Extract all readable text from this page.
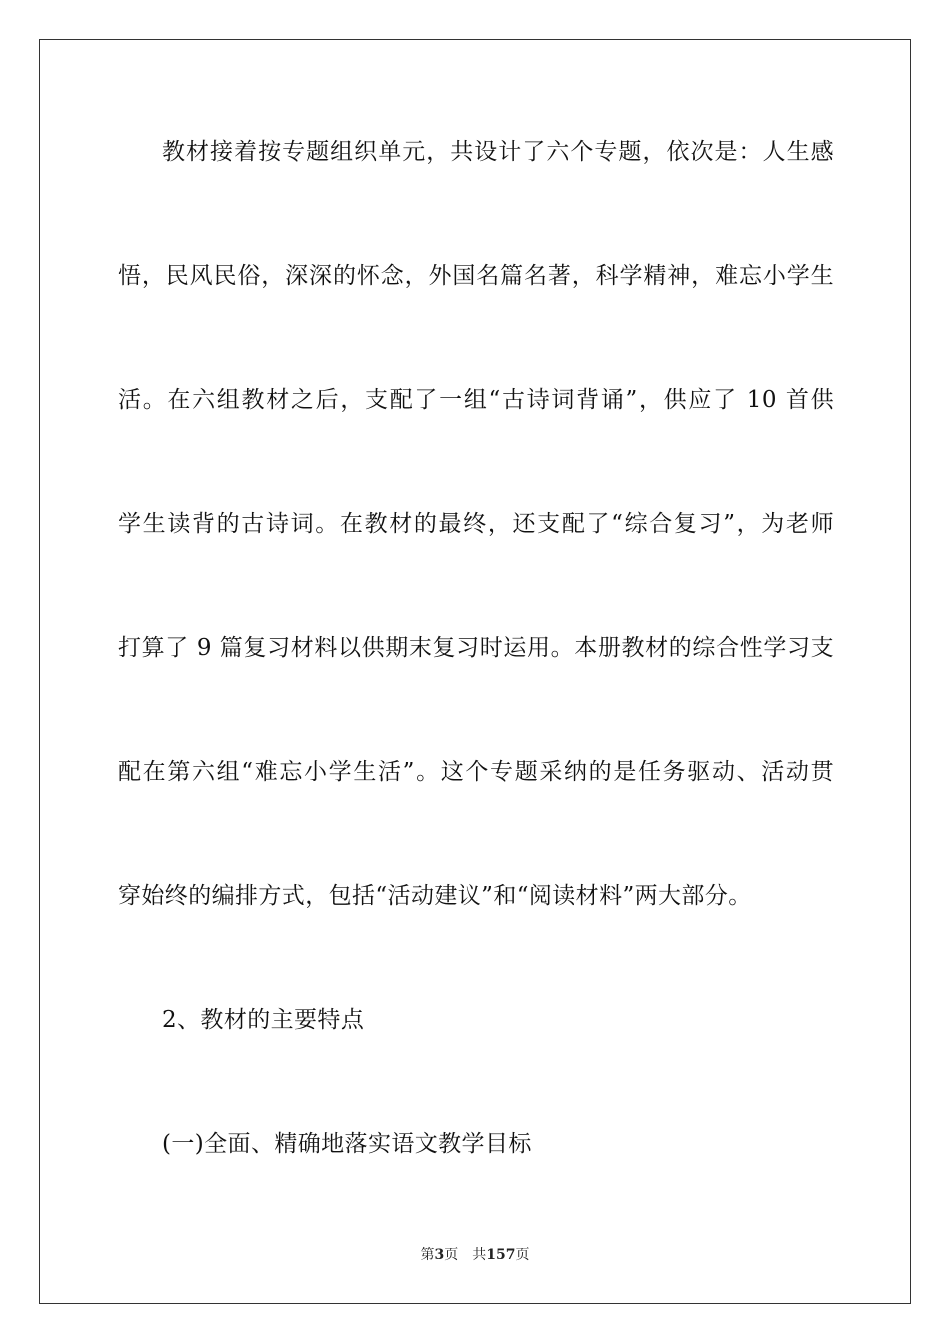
教材接着按专题组织单元，共设计了六个专题，依次是：人生感
悟，民风民俗，深深的怀念，外国名篇名著，科学精神，难忘小学生
活。在六组教材之后，支配了一组“古诗词背诵”，供应了 10 首供
学生读背的古诗词。在教材的最终，还支配了“综合复习”，为老师
打算了 9 篇复习材料以供期末复习时运用。本册教材的综合性学习支
配在第六组“难忘小学生活”。这个专题采纳的是任务驱动、活动贯
穿始终的编排方式，包括“活动建议”和“阅读材料”两大部分。
2、教材的主要特点
(一)全面、精确地落实语文教学目标
第3页 共157页
